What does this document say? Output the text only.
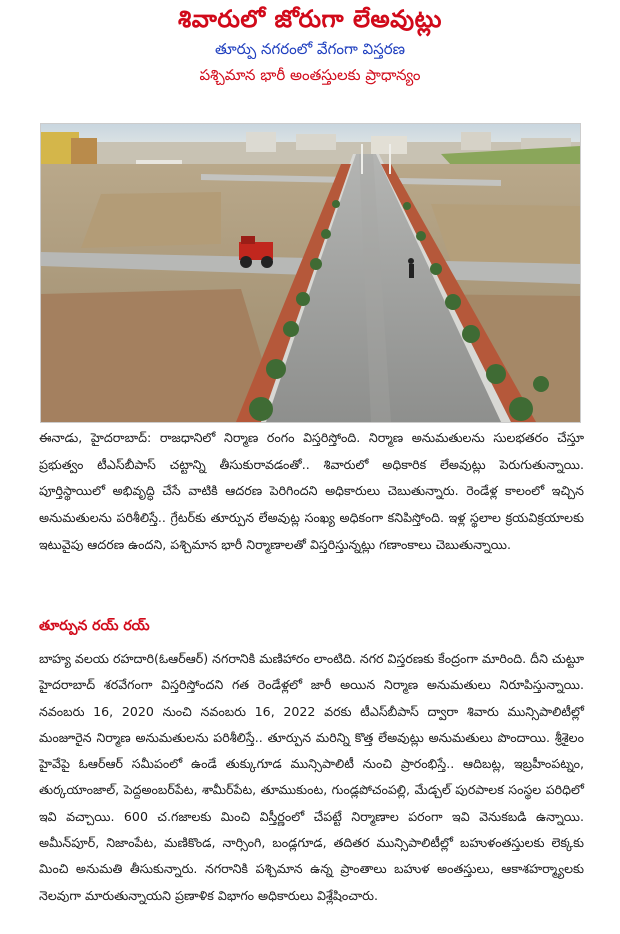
శివారులో జోరుగా లేఅవుట్లు
తూర్పు నగరంలో వేగంగా విస్తరణ
పశ్చిమాన భారీ అంతస్తులకు ప్రాధాన్యం

ఈనాడు, హైదరాబాద్: రాజధానిలో నిర్మాణ రంగం విస్తరిస్తోంది. నిర్మాణ అనుమతులను సులభతరం చేస్తూ ప్రభుత్వం టీఎస్‌బీపాస్ చట్టాన్ని తీసుకురావడంతో.. శివారులో అధికారిక లేఅవుట్లు పెరుగుతున్నాయి. పూర్తిస్థాయిలో అభివృద్ధి చేసే వాటికి ఆదరణ పెరిగిందని అధికారులు చెబుతున్నారు. రెండేళ్ల కాలంలో ఇచ్చిన అనుమతులను పరిశీలిస్తే.. గ్రేటర్‌కు తూర్పున లేఅవుట్ల సంఖ్య అధికంగా కనిపిస్తోంది. ఇళ్ల స్థలాల క్రయవిక్రయాలకు ఇటువైపు ఆదరణ ఉందని, పశ్చిమాన భారీ నిర్మాణాలతో విస్తరిస్తున్నట్లు గణాంకాలు చెబుతున్నాయి.

తూర్పున రయ్ రయ్

బాహ్య వలయ రహదారి(ఓఆర్‌ఆర్) నగరానికి మణిహారం లాంటిది. నగర విస్తరణకు కేంద్రంగా మారింది. దీని చుట్టూ హైదరాబాద్ శరవేగంగా విస్తరిస్తోందని గత రెండేళ్లలో జారీ అయిన నిర్మాణ అనుమతులు నిరూపిస్తున్నాయి. నవంబరు 16, 2020 నుంచి నవంబరు 16, 2022 వరకు టీఎస్‌బీపాస్ ద్వారా శివారు మున్సిపాలిటీల్లో మంజూరైన నిర్మాణ అనుమతులను పరిశీలిస్తే.. తూర్పున మరిన్ని కొత్త లేఅవుట్లు అనుమతులు పొందాయి. శ్రీశైలం హైవేపై ఓఆర్‌ఆర్ సమీపంలో ఉండే తుక్కుగూడ మున్సిపాలిటీ నుంచి ప్రారంభిస్తే.. ఆదిబట్ల, ఇబ్రహీంపట్నం, తుర్కయాంజాల్, పెద్దఅంబర్‌పేట, శామీర్‌పేట, తూముకుంట, గుండ్లపోచంపల్లి, మేడ్చల్ పురపాలక సంస్థల పరిధిలో ఇవి వచ్చాయి. 600 చ.గజాలకు మించి విస్తీర్ణంలో చేపట్టే నిర్మాణాల పరంగా ఇవి వెనుకబడి ఉన్నాయి. అమీన్‌పూర్, నిజాంపేట, మణికొండ, నార్సింగి, బండ్లగూడ, తదితర మున్సిపాలిటీల్లో బహుళంతస్తులకు లెక్కకు మించి అనుమతి తీసుకున్నారు. నగరానికి పశ్చిమాన ఉన్న ప్రాంతాలు బహుళ అంతస్తులు, ఆకాశహర్మ్యాలకు నెలవుగా మారుతున్నాయని ప్రణాళిక విభాగం అధికారులు విశ్లేషించారు.
